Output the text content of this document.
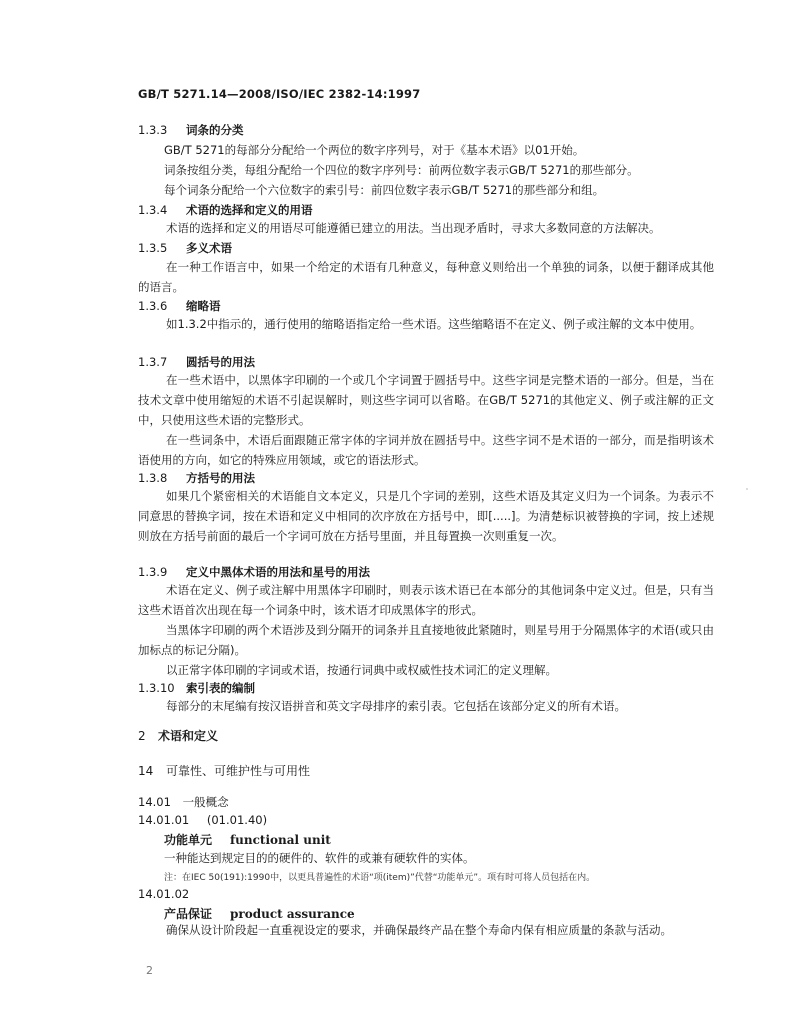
GB/T 5271.14—2008/ISO/IEC 2382-14:1997
1.3.3 词条的分类
GB/T 5271的每部分分配给一个两位的数字序列号，对于《基本术语》以01开始。
词条按组分类，每组分配给一个四位的数字序列号：前两位数字表示GB/T 5271的那些部分。
每个词条分配给一个六位数字的索引号：前四位数字表示GB/T 5271的那些部分和组。
1.3.4 术语的选择和定义的用语
术语的选择和定义的用语尽可能遵循已建立的用法。当出现矛盾时，寻求大多数同意的方法解决。
1.3.5 多义术语
在一种工作语言中，如果一个给定的术语有几种意义，每种意义则给出一个单独的词条，以便于翻译成其他的语言。
1.3.6 缩略语
如1.3.2中指示的，通行使用的缩略语指定给一些术语。这些缩略语不在定义、例子或注解的文本中使用。
1.3.7 圆括号的用法
在一些术语中，以黑体字印刷的一个或几个字词置于圆括号中。这些字词是完整术语的一部分。但是，当在技术文章中使用缩短的术语不引起误解时，则这些字词可以省略。在GB/T 5271的其他定义、例子或注解的正文中，只使用这些术语的完整形式。
在一些词条中，术语后面跟随正常字体的字词并放在圆括号中。这些字词不是术语的一部分，而是指明该术语使用的方向，如它的特殊应用领域，或它的语法形式。
1.3.8 方括号的用法
如果几个紧密相关的术语能自文本定义，只是几个字词的差别，这些术语及其定义归为一个词条。为表示不同意思的替换字词，按在术语和定义中相同的次序放在方括号中，即[.....]。为清楚标识被替换的字词，按上述规则放在方括号前面的最后一个字词可放在方括号里面，并且每置换一次则重复一次。
1.3.9 定义中黑体术语的用法和星号的用法
术语在定义、例子或注解中用黑体字印刷时，则表示该术语已在本部分的其他词条中定义过。但是，只有当这些术语首次出现在每一个词条中时，该术语才印成黑体字的形式。
当黑体字印刷的两个术语涉及到分隔开的词条并且直接地彼此紧随时，则星号用于分隔黑体字的术语(或只由加标点的标记分隔)。
以正常字体印刷的字词或术语，按通行词典中或权威性技术词汇的定义理解。
1.3.10 索引表的编制
每部分的末尾编有按汉语拼音和英文字母排序的索引表。它包括在该部分定义的所有术语。
2 术语和定义
14 可靠性、可维护性与可用性
14.01 一般概念
14.01.01 (01.01.40)
功能单元 functional unit
一种能达到规定目的的硬件的、软件的或兼有硬软件的实体。
注：在IEC 50(191):1990中，以更具普遍性的术语“项(item)”代替“功能单元”。项有时可将人员包括在内。
14.01.02
产品保证 product assurance
确保从设计阶段起一直重视设定的要求，并确保最终产品在整个寿命内保有相应质量的条款与活动。
2
